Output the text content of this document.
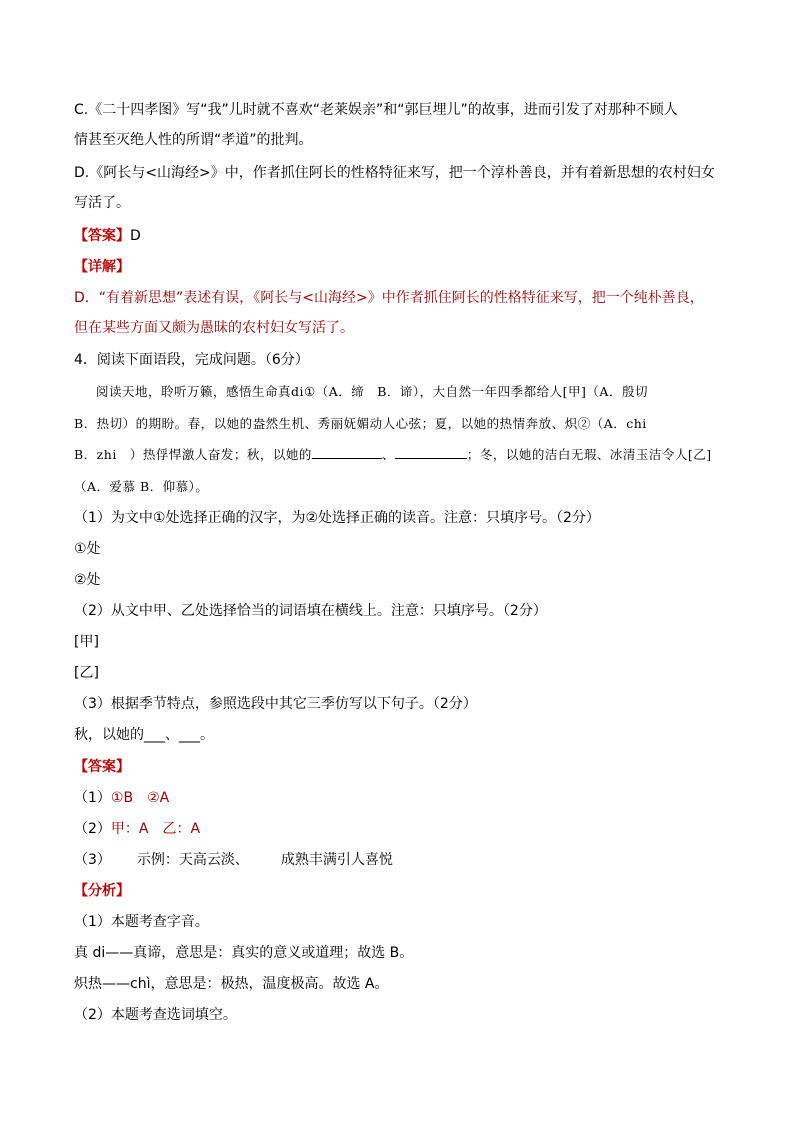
C.《二十四孝图》写“我”儿时就不喜欢“老莱娱亲”和“郭巨埋儿”的故事，进而引发了对那种不顾人
情甚至灭绝人性的所谓“孝道”的批判。
D.《阿长与<山海经>》中，作者抓住阿长的性格特征来写，把一个淳朴善良，并有着新思想的农村妇女
写活了。
【答案】D
【详解】
D．“有着新思想”表述有误，《阿长与<山海经>》中作者抓住阿长的性格特征来写，把一个纯朴善良，
但在某些方面又颇为愚昧的农村妇女写活了。
4．阅读下面语段，完成问题。（6分）
阅读天地，聆听万籁，感悟生命真di①（A．缔　B．谛），大自然一年四季都给人[甲]（A．殷切
B．热切）的期盼。春，以她的盎然生机、秀丽妩媚动人心弦；夏，以她的热情奔放、炽②（A．chi
B．zhi　）热俘悍激人奋发；秋，以她的	、	；冬，以她的洁白无瑕、冰清玉洁令人[乙]
（A．爱慕 B．仰慕）。
（1）为文中①处选择正确的汉字，为②处选择正确的读音。注意：只填序号。（2分）
①处
②处
（2）从文中甲、乙处选择恰当的词语填在横线上。注意：只填序号。（2分）
[甲]
[乙]
（3）根据季节特点，参照选段中其它三季仿写以下句子。（2分）
秋，以她的___、___。
【答案】
（1）①B　②A
（2）甲：A　乙：A
（3） 示例：天高云淡、 成熟丰满引人喜悦
【分析】
（1）本题考查字音。
真 di——真谛，意思是：真实的意义或道理；故选 B。
炽热——chì，意思是：极热，温度极高。故选 A。
（2）本题考查选词填空。
